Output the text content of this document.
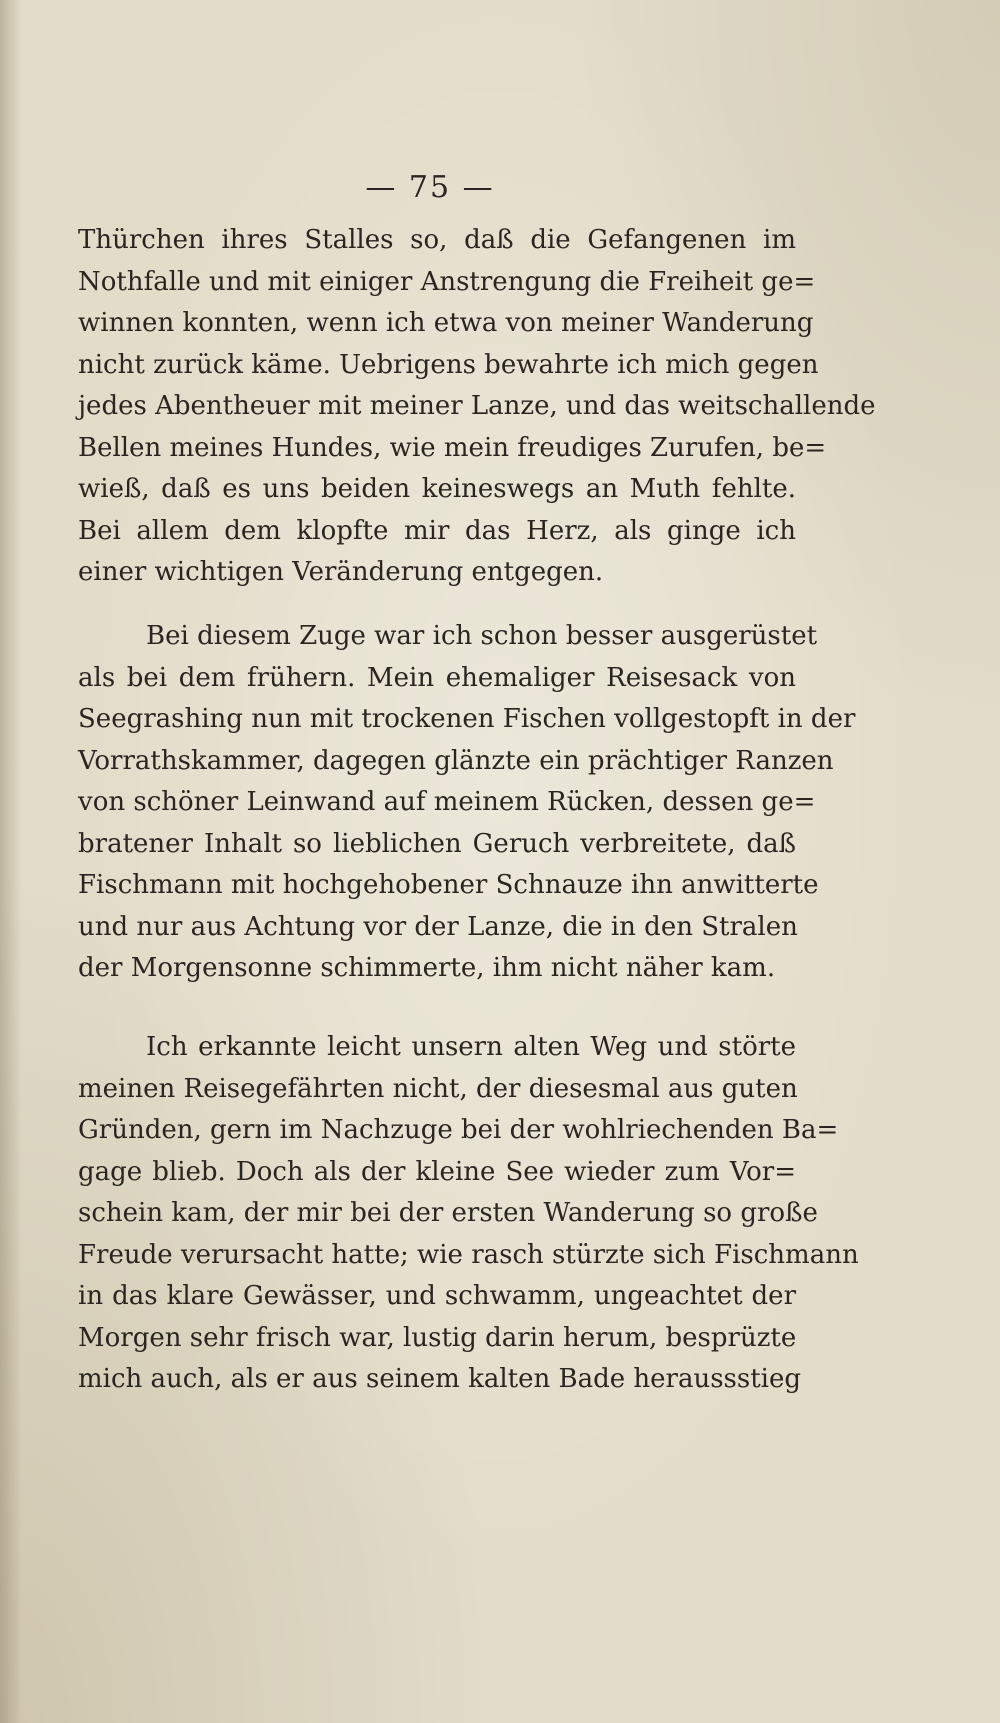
— 75 —
Thürchen ihres Stalles so, daß die Gefangenen im
Nothfalle und mit einiger Anstrengung die Freiheit ge=
winnen konnten, wenn ich etwa von meiner Wanderung
nicht zurück käme. Uebrigens bewahrte ich mich gegen
jedes Abentheuer mit meiner Lanze, und das weitschallende
Bellen meines Hundes, wie mein freudiges Zurufen, be=
wieß, daß es uns beiden keineswegs an Muth fehlte.
Bei allem dem klopfte mir das Herz, als ginge ich
einer wichtigen Veränderung entgegen.
Bei diesem Zuge war ich schon besser ausgerüstet
als bei dem frühern. Mein ehemaliger Reisesack von
Seegrashing nun mit trockenen Fischen vollgestopft in der
Vorrathskammer, dagegen glänzte ein prächtiger Ranzen
von schöner Leinwand auf meinem Rücken, dessen ge=
bratener Inhalt so lieblichen Geruch verbreitete, daß
Fischmann mit hochgehobener Schnauze ihn anwitterte
und nur aus Achtung vor der Lanze, die in den Stralen
der Morgensonne schimmerte, ihm nicht näher kam.
Ich erkannte leicht unsern alten Weg und störte
meinen Reisegefährten nicht, der diesesmal aus guten
Gründen, gern im Nachzuge bei der wohlriechenden Ba=
gage blieb. Doch als der kleine See wieder zum Vor=
schein kam, der mir bei der ersten Wanderung so große
Freude verursacht hatte; wie rasch stürzte sich Fischmann
in das klare Gewässer, und schwamm, ungeachtet der
Morgen sehr frisch war, lustig darin herum, besprüzte
mich auch, als er aus seinem kalten Bade heraussstieg
